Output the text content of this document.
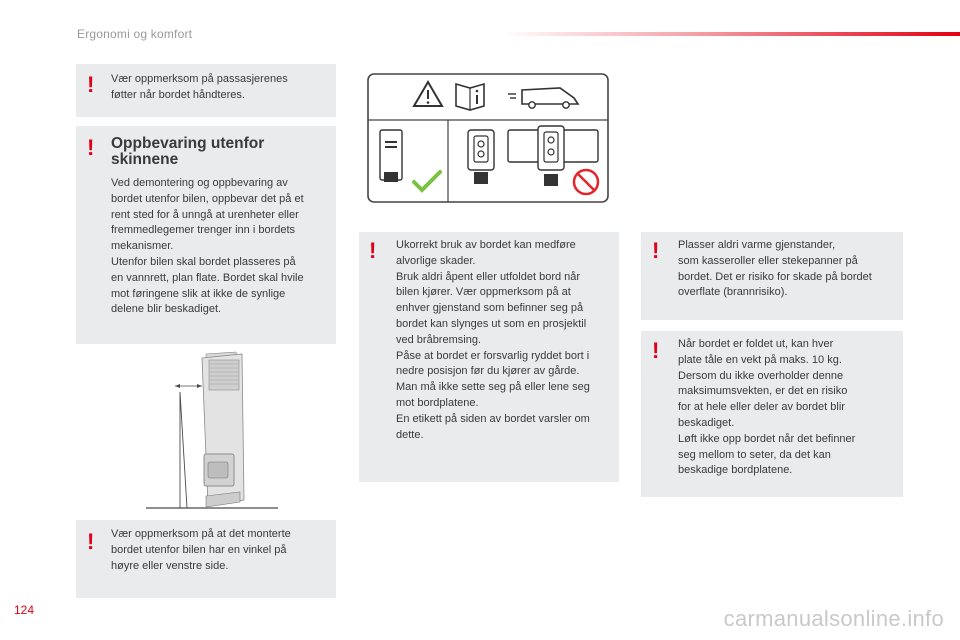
Ergonomi og komfort
! Vær oppmerksom på passasjerenes
føtter når bordet håndteres.
! Oppbevaring utenfor
skinnene
Ved demontering og oppbevaring av
bordet utenfor bilen, oppbevar det på et
rent sted for å unngå at urenheter eller
fremmedlegemer trenger inn i bordets
mekanismer.
Utenfor bilen skal bordet plasseres på
en vannrett, plan flate. Bordet skal hvile
mot føringene slik at ikke de synlige
delene blir beskadiget.
! Vær oppmerksom på at det monterte
bordet utenfor bilen har en vinkel på
høyre eller venstre side.
! Ukorrekt bruk av bordet kan medføre
alvorlige skader.
Bruk aldri åpent eller utfoldet bord når
bilen kjører. Vær oppmerksom på at
enhver gjenstand som befinner seg på
bordet kan slynges ut som en prosjektil
ved bråbremsing.
Påse at bordet er forsvarlig ryddet bort i
nedre posisjon før du kjører av gårde.
Man må ikke sette seg på eller lene seg
mot bordplatene.
En etikett på siden av bordet varsler om
dette.
! Plasser aldri varme gjenstander,
som kasseroller eller stekepanner på
bordet. Det er risiko for skade på bordet
overflate (brannrisiko).
! Når bordet er foldet ut, kan hver
plate tåle en vekt på maks. 10 kg.
Dersom du ikke overholder denne
maksimumsvekten, er det en risiko
for at hele eller deler av bordet blir
beskadiget.
Løft ikke opp bordet når det befinner
seg mellom to seter, da det kan
beskadige bordplatene.
124	carmanualsonline.info
